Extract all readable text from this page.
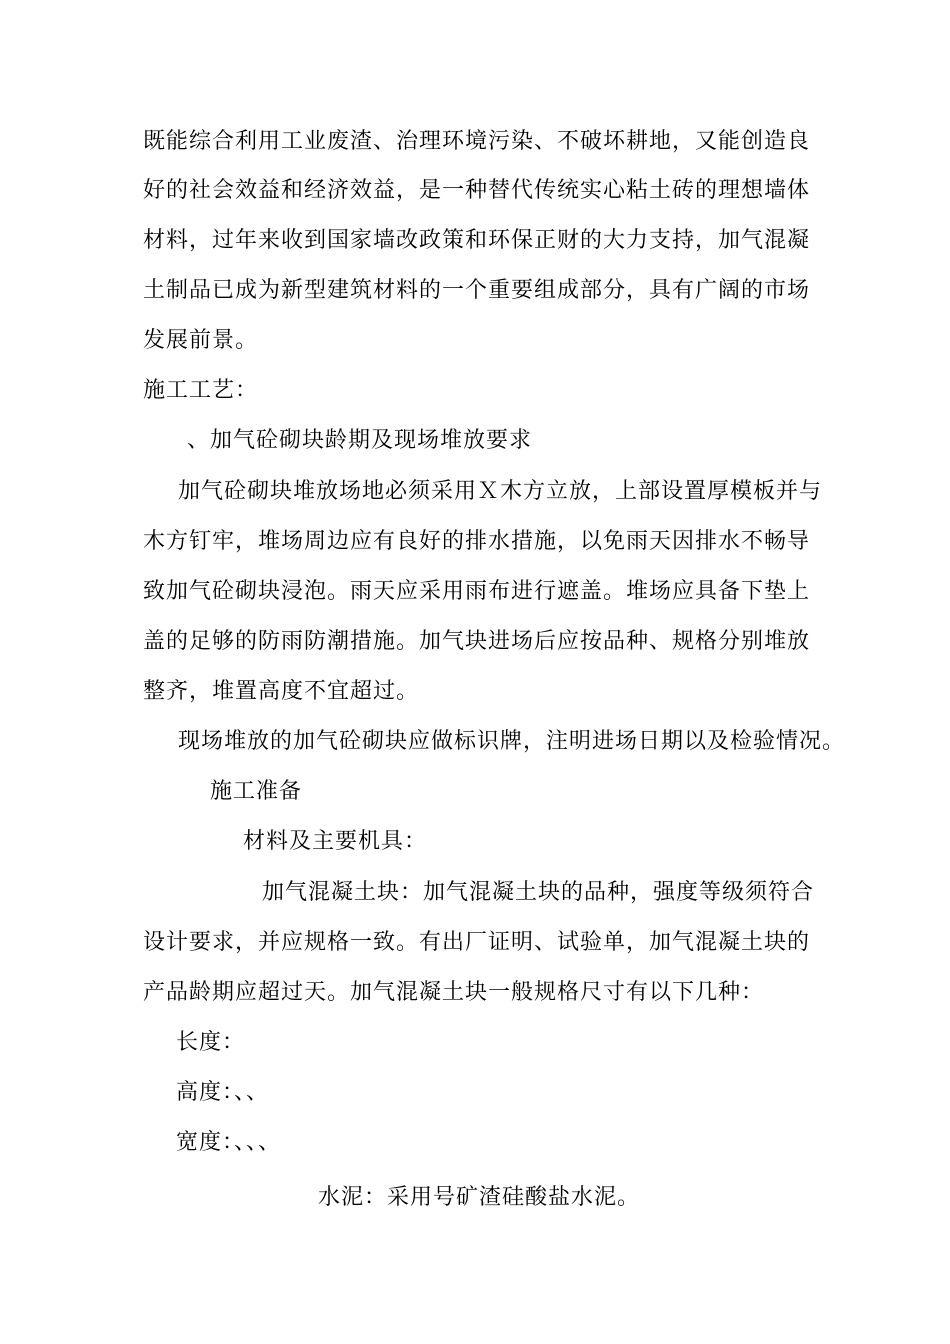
既能综合利用工业废渣、治理环境污染、不破坏耕地，又能创造良
好的社会效益和经济效益，是一种替代传统实心粘土砖的理想墙体
材料，过年来收到国家墙改政策和环保正财的大力支持，加气混凝
土制品已成为新型建筑材料的一个重要组成部分，具有广阔的市场
发展前景。
施工工艺：
、加气砼砌块龄期及现场堆放要求
加气砼砌块堆放场地必须采用Ｘ木方立放，上部设置厚模板并与
木方钉牢，堆场周边应有良好的排水措施，以免雨天因排水不畅导
致加气砼砌块浸泡。雨天应采用雨布进行遮盖。堆场应具备下垫上
盖的足够的防雨防潮措施。加气块进场后应按品种、规格分别堆放
整齐，堆置高度不宜超过。
现场堆放的加气砼砌块应做标识牌，注明进场日期以及检验情况。
施工准备
材料及主要机具：
加气混凝土块：加气混凝土块的品种，强度等级须符合
设计要求，并应规格一致。有出厂证明、试验单，加气混凝土块的
产品龄期应超过天。加气混凝土块一般规格尺寸有以下几种：
长度：
高度：、、
宽度：、、、
水泥：采用号矿渣硅酸盐水泥。
